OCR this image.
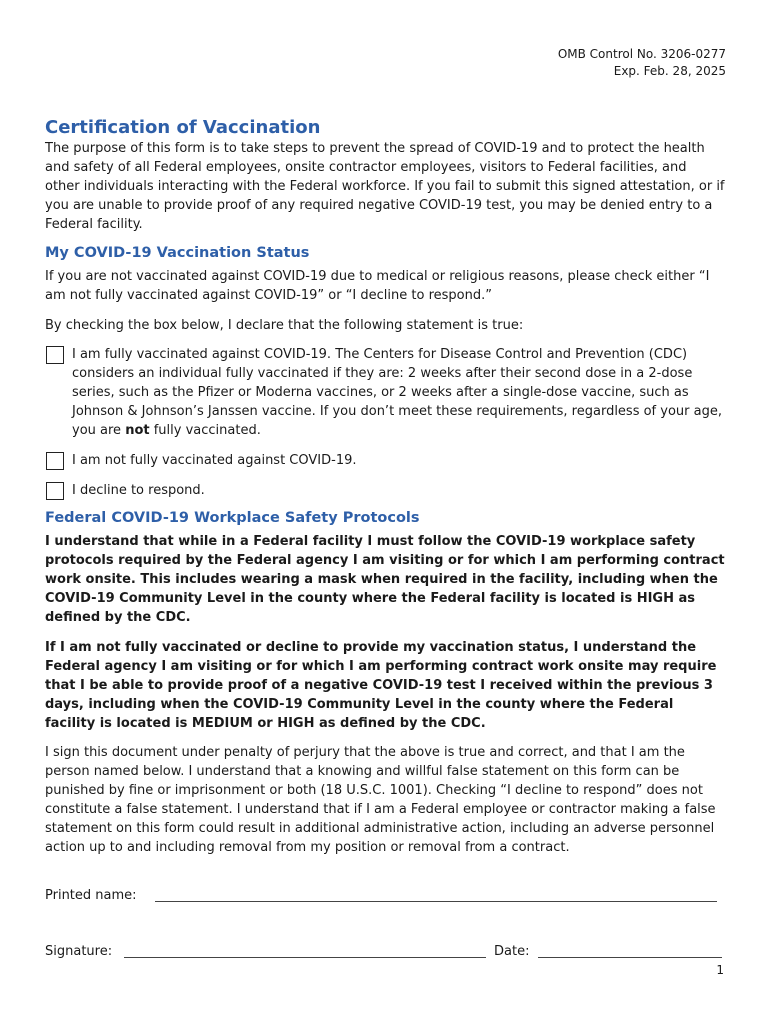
OMB Control No. 3206-0277
Exp. Feb. 28, 2025
Certification of Vaccination

The purpose of this form is to take steps to prevent the spread of COVID-19 and to protect the health and safety of all Federal employees, onsite contractor employees, visitors to Federal facilities, and other individuals interacting with the Federal workforce. If you fail to submit this signed attestation, or if you are unable to provide proof of any required negative COVID-19 test, you may be denied entry to a Federal facility.

My COVID-19 Vaccination Status

If you are not vaccinated against COVID-19 due to medical or religious reasons, please check either “I am not fully vaccinated against COVID-19” or “I decline to respond.”

By checking the box below, I declare that the following statement is true:

I am fully vaccinated against COVID-19. The Centers for Disease Control and Prevention (CDC) considers an individual fully vaccinated if they are: 2 weeks after their second dose in a 2-dose series, such as the Pfizer or Moderna vaccines, or 2 weeks after a single-dose vaccine, such as Johnson & Johnson’s Janssen vaccine. If you don’t meet these requirements, regardless of your age, you are not fully vaccinated.

I am not fully vaccinated against COVID-19.

I decline to respond.

Federal COVID-19 Workplace Safety Protocols

I understand that while in a Federal facility I must follow the COVID-19 workplace safety protocols required by the Federal agency I am visiting or for which I am performing contract work onsite. This includes wearing a mask when required in the facility, including when the COVID-19 Community Level in the county where the Federal facility is located is HIGH as defined by the CDC.

If I am not fully vaccinated or decline to provide my vaccination status, I understand the Federal agency I am visiting or for which I am performing contract work onsite may require that I be able to provide proof of a negative COVID-19 test I received within the previous 3 days, including when the COVID-19 Community Level in the county where the Federal facility is located is MEDIUM or HIGH as defined by the CDC.

I sign this document under penalty of perjury that the above is true and correct, and that I am the person named below. I understand that a knowing and willful false statement on this form can be punished by fine or imprisonment or both (18 U.S.C. 1001). Checking “I decline to respond” does not constitute a false statement. I understand that if I am a Federal employee or contractor making a false statement on this form could result in additional administrative action, including an adverse personnel action up to and including removal from my position or removal from a contract.

Printed name:
Signature:	Date:
1
